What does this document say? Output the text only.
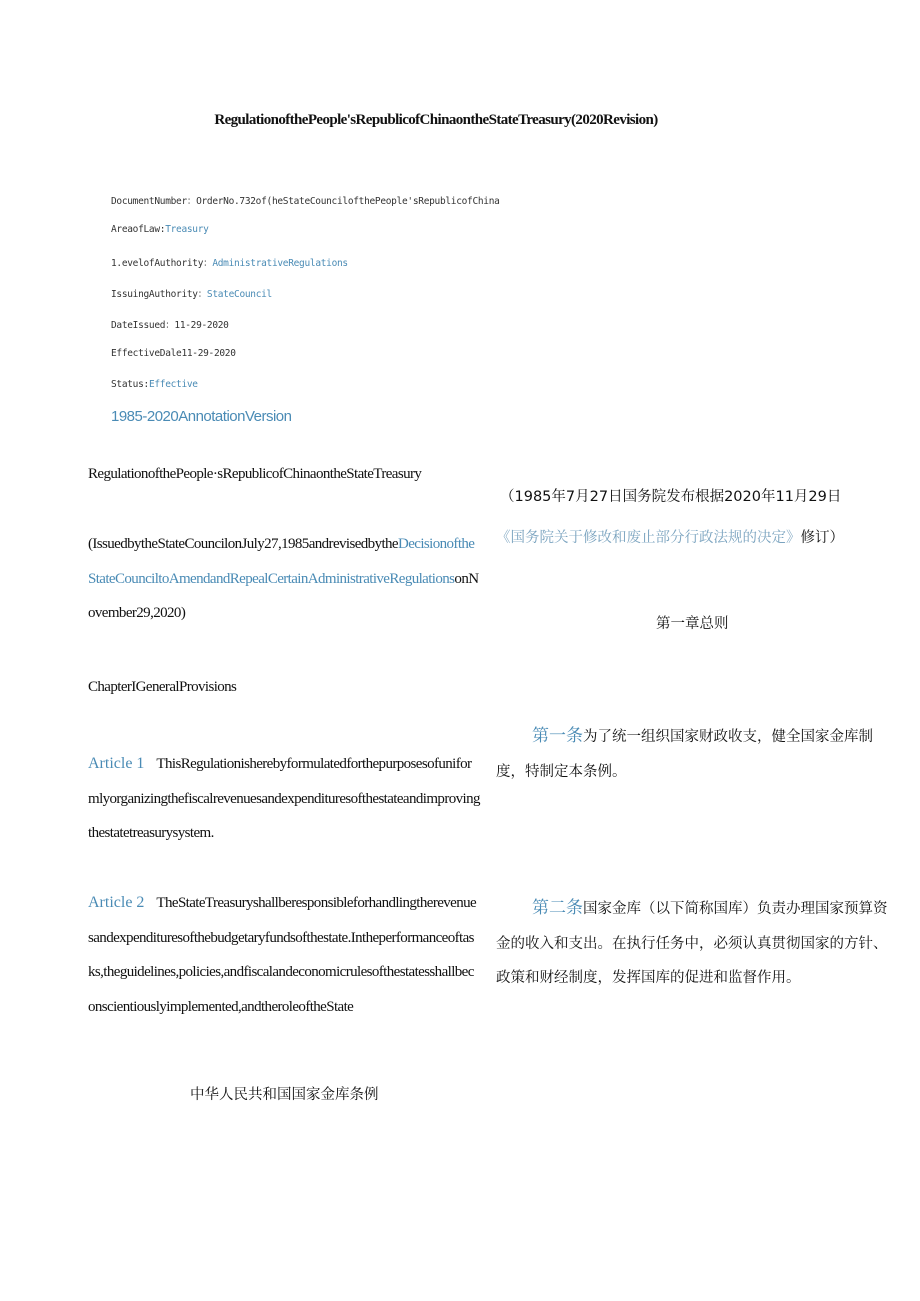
RegulationofthePeople'sRepublicofChinaontheStateTreasury(2020Revision)
DocumentNumber：OrderNo.732of(heStateCouncilofthePeople'sRepublicofChina
AreaofLaw:Treasury
1.evelofAuthority：AdministrativeRegulations
IssuingAuthority：StateCouncil
DateIssued：11-29-2020
EffectiveDale11-29-2020
Status:Effective
1985-2020AnnotationVersion
RegulationofthePeople·sRepublicofChinaontheStateTreasury
(IssuedbytheStateCouncilonJuly27,1985andrevisedbytheDecisionoftheStateCounciltoAmendandRepealCertainAdministrativeRegulationsonNovember29,2020)
ChapterIGeneralProvisions
Article 1 ThisRegulationisherebyformulatedforthepurposesofuniformlyorganizingthefiscalrevenuesandexpendituresofthestateandimprovingthestatetreasurysystem.
Article 2 TheStateTreasuryshallberesponsibleforhandlingtherevenuesandexpendituresofthebudgetaryfundsofthestate.Intheperformanceoftasks,theguidelines,policies,andfiscalandeconomicrulesofthestatesshallbeconscientiouslyimplemented,andtheroleoftheState
（1985年7月27日国务院发布根据2020年11月29日
《国务院关于修改和废止部分行政法规的决定》修订）
第一章总则
第一条为了统一组织国家财政收支，健全国家金库制度，特制定本条例。
第二条国家金库（以下简称国库）负责办理国家预算资金的收入和支出。在执行任务中，必须认真贯彻国家的方针、政策和财经制度，发挥国库的促进和监督作用。
中华人民共和国国家金库条例
